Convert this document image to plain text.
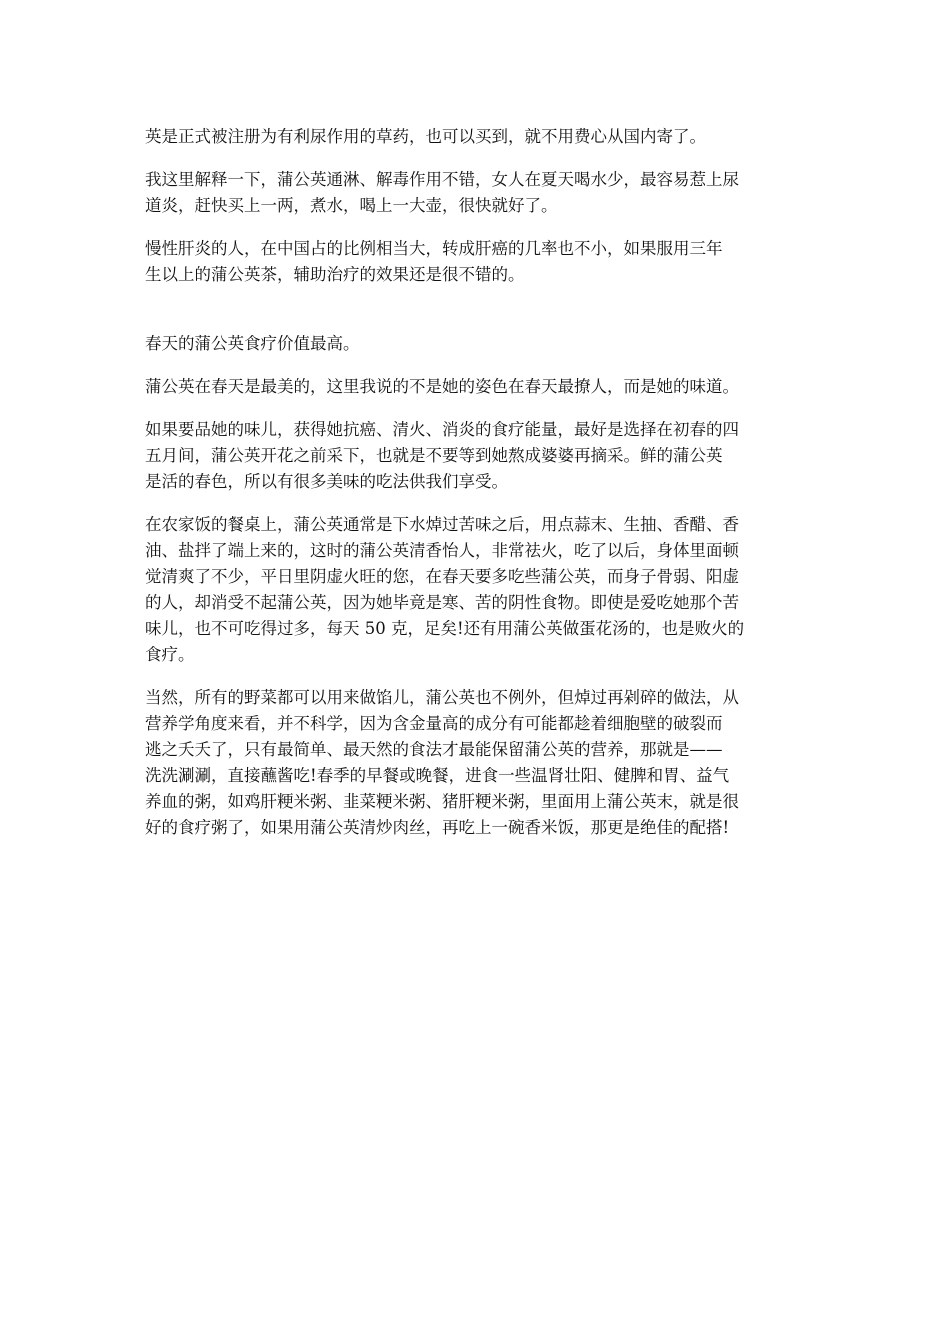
英是正式被注册为有利尿作用的草药，也可以买到，就不用费心从国内寄了。

我这里解释一下，蒲公英通淋、解毒作用不错，女人在夏天喝水少，最容易惹上尿
道炎，赶快买上一两，煮水，喝上一大壶，很快就好了。

慢性肝炎的人，在中国占的比例相当大，转成肝癌的几率也不小，如果服用三年
生以上的蒲公英茶，辅助治疗的效果还是很不错的。

春天的蒲公英食疗价值最高。

蒲公英在春天是最美的，这里我说的不是她的姿色在春天最撩人，而是她的味道。

如果要品她的味儿，获得她抗癌、清火、消炎的食疗能量，最好是选择在初春的四
五月间，蒲公英开花之前采下，也就是不要等到她熬成婆婆再摘采。鲜的蒲公英
是活的春色，所以有很多美味的吃法供我们享受。

在农家饭的餐桌上，蒲公英通常是下水焯过苦味之后，用点蒜末、生抽、香醋、香
油、盐拌了端上来的，这时的蒲公英清香怡人，非常祛火，吃了以后，身体里面顿
觉清爽了不少，平日里阴虚火旺的您，在春天要多吃些蒲公英，而身子骨弱、阳虚
的人，却消受不起蒲公英，因为她毕竟是寒、苦的阴性食物。即使是爱吃她那个苦
味儿，也不可吃得过多，每天 50 克，足矣!还有用蒲公英做蛋花汤的，也是败火的
食疗。

当然，所有的野菜都可以用来做馅儿，蒲公英也不例外，但焯过再剁碎的做法，从
营养学角度来看，并不科学，因为含金量高的成分有可能都趁着细胞壁的破裂而
逃之夭夭了，只有最简单、最天然的食法才最能保留蒲公英的营养，那就是——
洗洗涮涮，直接蘸酱吃!春季的早餐或晚餐，进食一些温肾壮阳、健脾和胃、益气
养血的粥，如鸡肝粳米粥、韭菜粳米粥、猪肝粳米粥，里面用上蒲公英末，就是很
好的食疗粥了，如果用蒲公英清炒肉丝，再吃上一碗香米饭，那更是绝佳的配搭!
